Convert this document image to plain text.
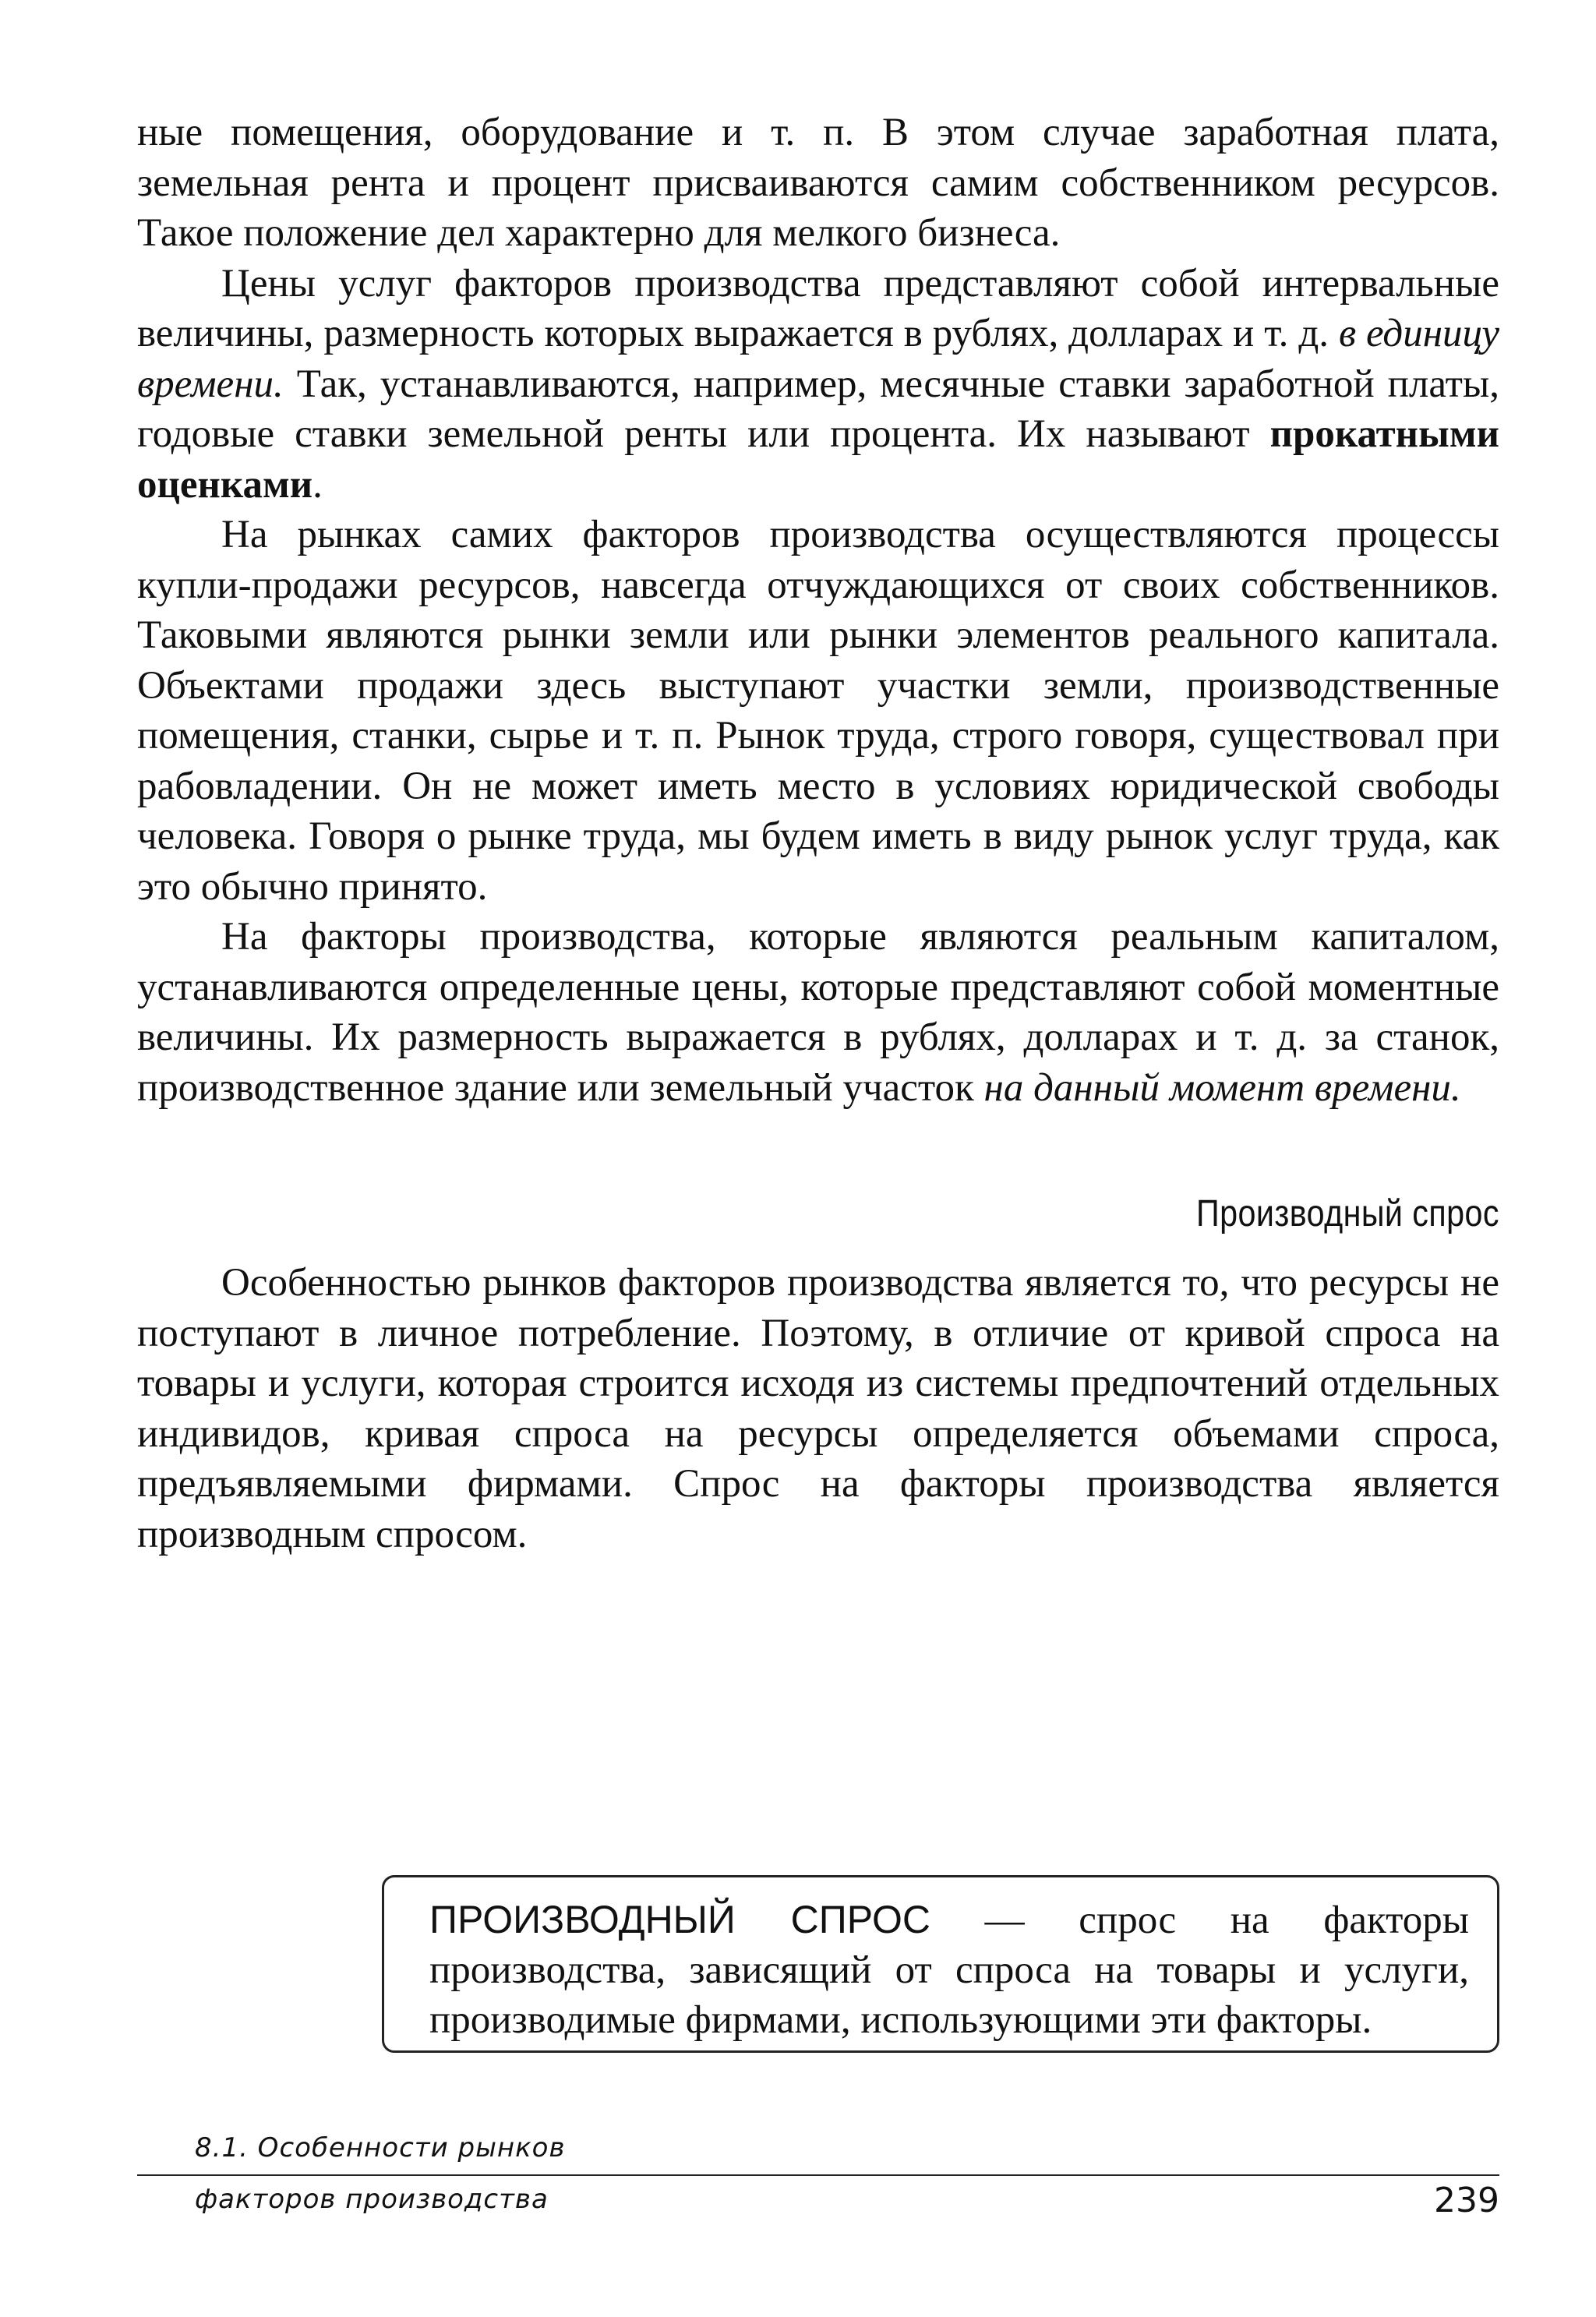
ные помещения, оборудование и т. п. В этом случае заработная плата, земельная рента и процент присваиваются самим собственником ресурсов. Такое положение дел характерно для мелкого бизнеса.

Цены услуг факторов производства представляют собой интервальные величины, размерность которых выражается в рублях, долларах и т. д. в единицу времени. Так, устанавливаются, например, месячные ставки заработной платы, годовые ставки земельной ренты или процента. Их называют прокатными оценками.

На рынках самих факторов производства осуществляются процессы купли-продажи ресурсов, навсегда отчуждающихся от своих собственников. Таковыми являются рынки земли или рынки элементов реального капитала. Объектами продажи здесь выступают участки земли, производственные помещения, станки, сырье и т. п. Рынок труда, строго говоря, существовал при рабовладении. Он не может иметь место в условиях юридической свободы человека. Говоря о рынке труда, мы будем иметь в виду рынок услуг труда, как это обычно принято.

На факторы производства, которые являются реальным капиталом, устанавливаются определенные цены, которые представляют собой моментные величины. Их размерность выражается в рублях, долларах и т. д. за станок, производственное здание или земельный участок на данный момент времени.

Производный спрос

Особенностью рынков факторов производства является то, что ресурсы не поступают в личное потребление. Поэтому, в отличие от кривой спроса на товары и услуги, которая строится исходя из системы предпочтений отдельных индивидов, кривая спроса на ресурсы определяется объемами спроса, предъявляемыми фирмами. Спрос на факторы производства является производным спросом.

ПРОИЗВОДНЫЙ СПРОС — спрос на факторы производства, зависящий от спроса на товары и услуги, производимые фирмами, использующими эти факторы.

8.1. Особенности рынков

факторов производства	239
